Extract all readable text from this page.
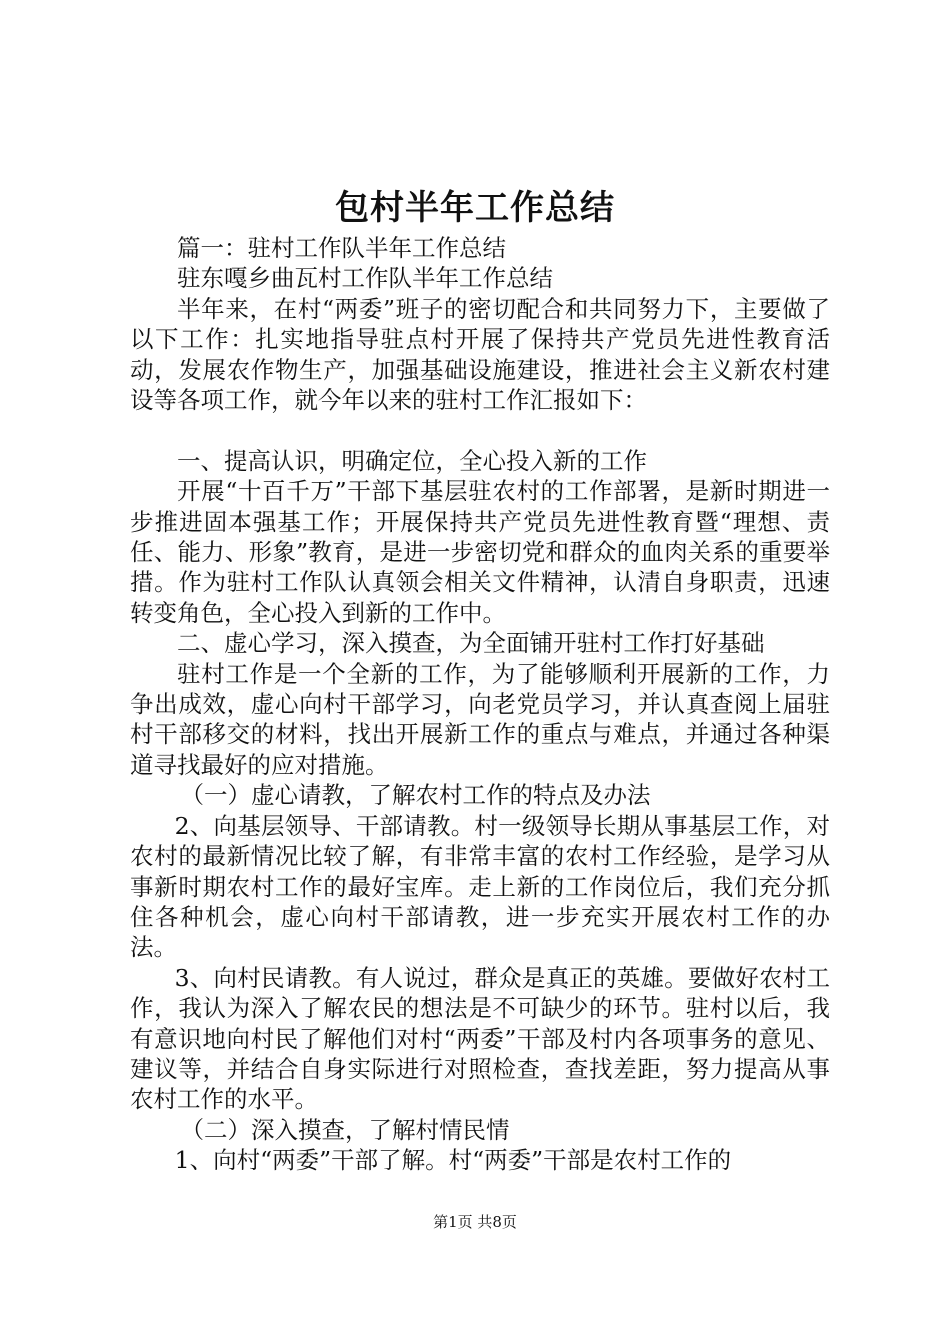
包村半年工作总结

篇一：驻村工作队半年工作总结

驻东嘎乡曲瓦村工作队半年工作总结

半年来，在村“两委”班子的密切配合和共同努力下，主要做了以下工作：扎实地指导驻点村开展了保持共产党员先进性教育活动，发展农作物生产，加强基础设施建设，推进社会主义新农村建设等各项工作，就今年以来的驻村工作汇报如下：

一、提高认识，明确定位，全心投入新的工作

开展“十百千万”干部下基层驻农村的工作部署，是新时期进一步推进固本强基工作；开展保持共产党员先进性教育暨“理想、责任、能力、形象”教育，是进一步密切党和群众的血肉关系的重要举措。作为驻村工作队认真领会相关文件精神，认清自身职责，迅速转变角色，全心投入到新的工作中。

二、虚心学习，深入摸查，为全面铺开驻村工作打好基础

驻村工作是一个全新的工作，为了能够顺利开展新的工作，力争出成效，虚心向村干部学习，向老党员学习，并认真查阅上届驻村干部移交的材料，找出开展新工作的重点与难点，并通过各种渠道寻找最好的应对措施。

（一）虚心请教，了解农村工作的特点及办法

2、向基层领导、干部请教。村一级领导长期从事基层工作，对农村的最新情况比较了解，有非常丰富的农村工作经验，是学习从事新时期农村工作的最好宝库。走上新的工作岗位后，我们充分抓住各种机会，虚心向村干部请教，进一步充实开展农村工作的办法。

3、向村民请教。有人说过，群众是真正的英雄。要做好农村工作，我认为深入了解农民的想法是不可缺少的环节。驻村以后，我有意识地向村民了解他们对村“两委”干部及村内各项事务的意见、建议等，并结合自身实际进行对照检查，查找差距，努力提高从事农村工作的水平。

（二）深入摸查，了解村情民情

1、向村“两委”干部了解。村“两委”干部是农村工作的

第1页 共8页
